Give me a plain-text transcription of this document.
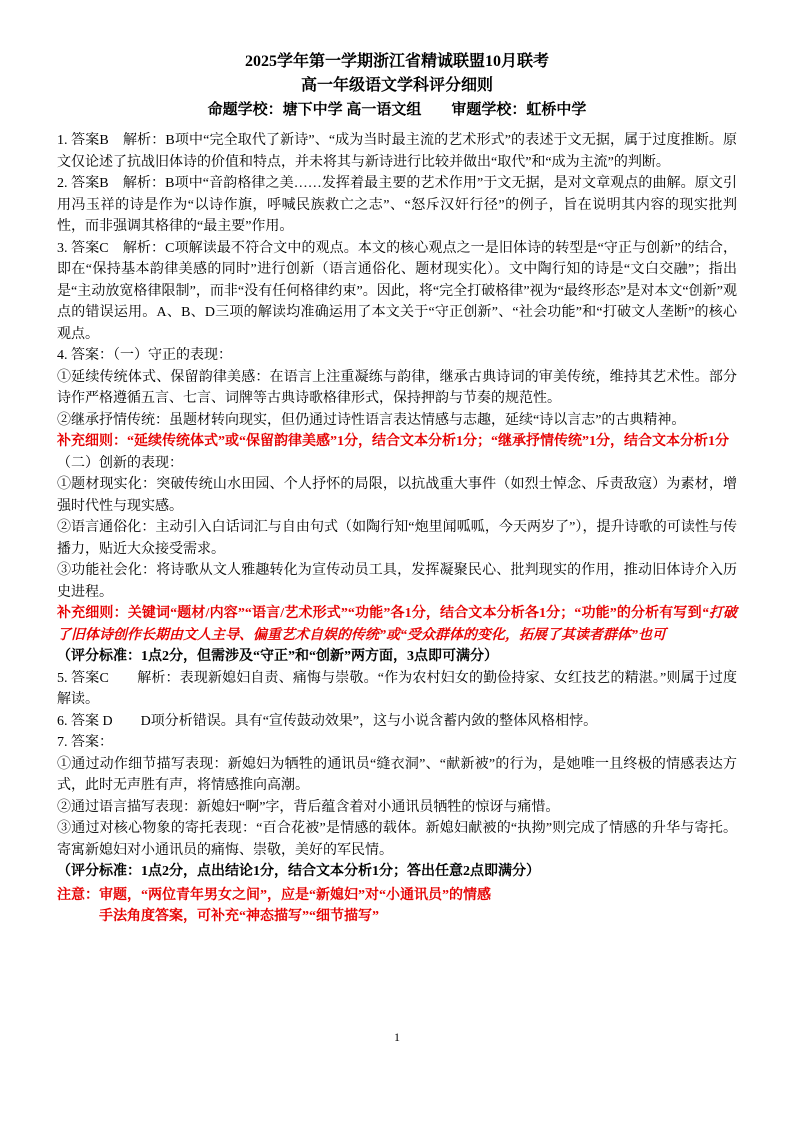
2025学年第一学期浙江省精诚联盟10月联考
高一年级语文学科评分细则
命题学校：塘下中学 高一语文组　　审题学校：虹桥中学

1. 答案B　解析：B项中“完全取代了新诗”、“成为当时最主流的艺术形式”的表述于文无据，属于过度推断。原文仅论述了抗战旧体诗的价值和特点，并未将其与新诗进行比较并做出“取代”和“成为主流”的判断。

2. 答案B　解析：B项中“音韵格律之美……发挥着最主要的艺术作用”于文无据，是对文章观点的曲解。原文引用冯玉祥的诗是作为“以诗作旗，呼喊民族救亡之志”、“怒斥汉奸行径”的例子，旨在说明其内容的现实批判性，而非强调其格律的“最主要”作用。

3. 答案C　解析：C项解读最不符合文中的观点。本文的核心观点之一是旧体诗的转型是“守正与创新”的结合，即在“保持基本韵律美感的同时”进行创新（语言通俗化、题材现实化）。文中陶行知的诗是“文白交融”；指出是“主动放宽格律限制”，而非“没有任何格律约束”。因此，将“完全打破格律”视为“最终形态”是对本文“创新”观点的错误运用。A、B、D三项的解读均准确运用了本文关于“守正创新”、“社会功能”和“打破文人垄断”的核心观点。

4. 答案：（一）守正的表现：

①延续传统体式、保留韵律美感：在语言上注重凝练与韵律，继承古典诗词的审美传统，维持其艺术性。部分诗作严格遵循五言、七言、词牌等古典诗歌格律形式，保持押韵与节奏的规范性。

②继承抒情传统：虽题材转向现实，但仍通过诗性语言表达情感与志趣，延续“诗以言志”的古典精神。

补充细则：“延续传统体式”或“保留韵律美感”1分，结合文本分析1分；“继承抒情传统”1分，结合文本分析1分

（二）创新的表现：

①题材现实化：突破传统山水田园、个人抒怀的局限，以抗战重大事件（如烈士悼念、斥责敌寇）为素材，增强时代性与现实感。

②语言通俗化：主动引入白话词汇与自由句式（如陶行知“炮里闻呱呱，今天两岁了”），提升诗歌的可读性与传播力，贴近大众接受需求。

③功能社会化：将诗歌从文人雅趣转化为宣传动员工具，发挥凝聚民心、批判现实的作用，推动旧体诗介入历史进程。

补充细则：关键词“题材/内容”“语言/艺术形式”“功能”各1分，结合文本分析各1分；“功能”的分析有写到“打破了旧体诗创作长期由文人主导、偏重艺术自娱的传统”或“受众群体的变化，拓展了其读者群体”也可

（评分标准：1点2分，但需涉及“守正”和“创新”两方面，3点即可满分）

5. 答案C　　解析：表现新媳妇自责、痛悔与崇敬。“作为农村妇女的勤俭持家、女红技艺的精湛。”则属于过度解读。

6. 答案 D　　D项分析错误。具有“宣传鼓动效果”，这与小说含蓄内敛的整体风格相悖。

7. 答案：

①通过动作细节描写表现：新媳妇为牺牲的通讯员“缝衣洞”、“献新被”的行为，是她唯一且终极的情感表达方式，此时无声胜有声，将情感推向高潮。

②通过语言描写表现：新媳妇“啊”字，背后蕴含着对小通讯员牺牲的惊讶与痛惜。

③通过对核心物象的寄托表现：“百合花被”是情感的载体。新媳妇献被的“执拗”则完成了情感的升华与寄托。寄寓新媳妇对小通讯员的痛悔、崇敬，美好的军民情。

（评分标准：1点2分，点出结论1分，结合文本分析1分；答出任意2点即满分）

注意：审题，“两位青年男女之间”，应是“新媳妇”对“小通讯员”的情感

手法角度答案，可补充“神态描写”“细节描写”

1
